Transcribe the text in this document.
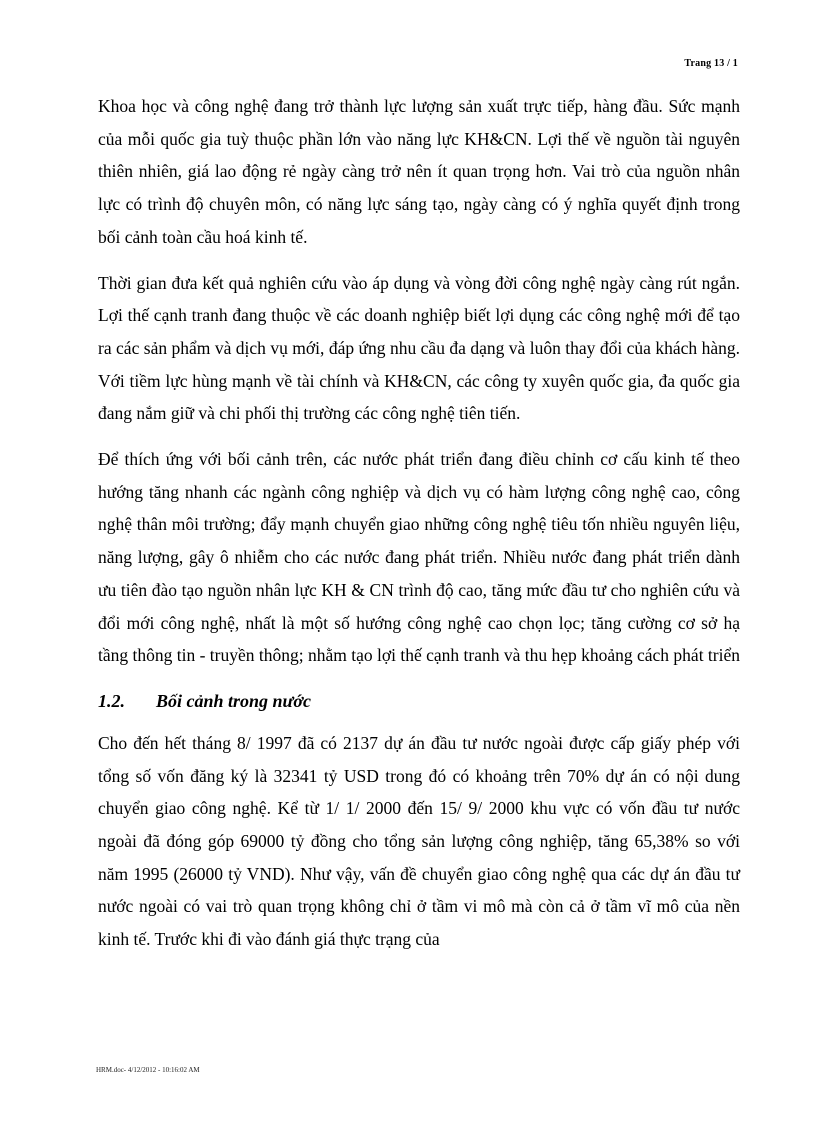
Trang 13 / 1

Khoa học và công nghệ đang trở thành lực lượng sản xuất trực tiếp, hàng đầu. Sức mạnh của mỗi quốc gia tuỳ thuộc phần lớn vào năng lực KH&CN. Lợi thế về nguồn tài nguyên thiên nhiên, giá lao động rẻ ngày càng trở nên ít quan trọng hơn. Vai trò của nguồn nhân lực có trình độ chuyên môn, có năng lực sáng tạo, ngày càng có ý nghĩa quyết định trong bối cảnh toàn cầu hoá kinh tế.

Thời gian đưa kết quả nghiên cứu vào áp dụng và vòng đời công nghệ ngày càng rút ngắn. Lợi thế cạnh tranh đang thuộc về các doanh nghiệp biết lợi dụng các công nghệ mới để tạo ra các sản phẩm và dịch vụ mới, đáp ứng nhu cầu đa dạng và luôn thay đổi của khách hàng. Với tiềm lực hùng mạnh về tài chính và KH&CN, các công ty xuyên quốc gia, đa quốc gia đang nắm giữ và chi phối thị trường các công nghệ tiên tiến.

Để thích ứng với bối cảnh trên, các nước phát triển đang điều chỉnh cơ cấu kinh tế theo hướng tăng nhanh các ngành công nghiệp và dịch vụ có hàm lượng công nghệ cao, công nghệ thân môi trường; đẩy mạnh chuyển giao những công nghệ tiêu tốn nhiều nguyên liệu, năng lượng, gây ô nhiễm cho các nước đang phát triển. Nhiều nước đang phát triển dành ưu tiên đào tạo nguồn nhân lực KH & CN trình độ cao, tăng mức đầu tư cho nghiên cứu và đổi mới công nghệ, nhất là một số hướng công nghệ cao chọn lọc; tăng cường cơ sở hạ tầng thông tin - truyền thông; nhằm tạo lợi thế cạnh tranh và thu hẹp khoảng cách phát triển

1.2.	Bối cảnh trong nước

Cho đến hết tháng 8/ 1997 đã có 2137 dự án đầu tư nước ngoài được cấp giấy phép với tổng số vốn đăng ký là 32341 tỷ USD trong đó có khoảng trên 70% dự án có nội dung chuyển giao công nghệ. Kể từ 1/ 1/ 2000 đến 15/ 9/ 2000 khu vực có vốn đầu tư nước ngoài đã đóng góp 69000 tỷ đồng cho tổng sản lượng công nghiệp, tăng 65,38% so với năm 1995 (26000 tỷ VND). Như vậy, vấn đề chuyển giao công nghệ qua các dự án đầu tư nước ngoài có vai trò quan trọng không chỉ ở tầm vi mô mà còn cả ở tầm vĩ mô của nền kinh tế. Trước khi đi vào đánh giá thực trạng của

HRM.doc- 4/12/2012 - 10:16:02 AM
